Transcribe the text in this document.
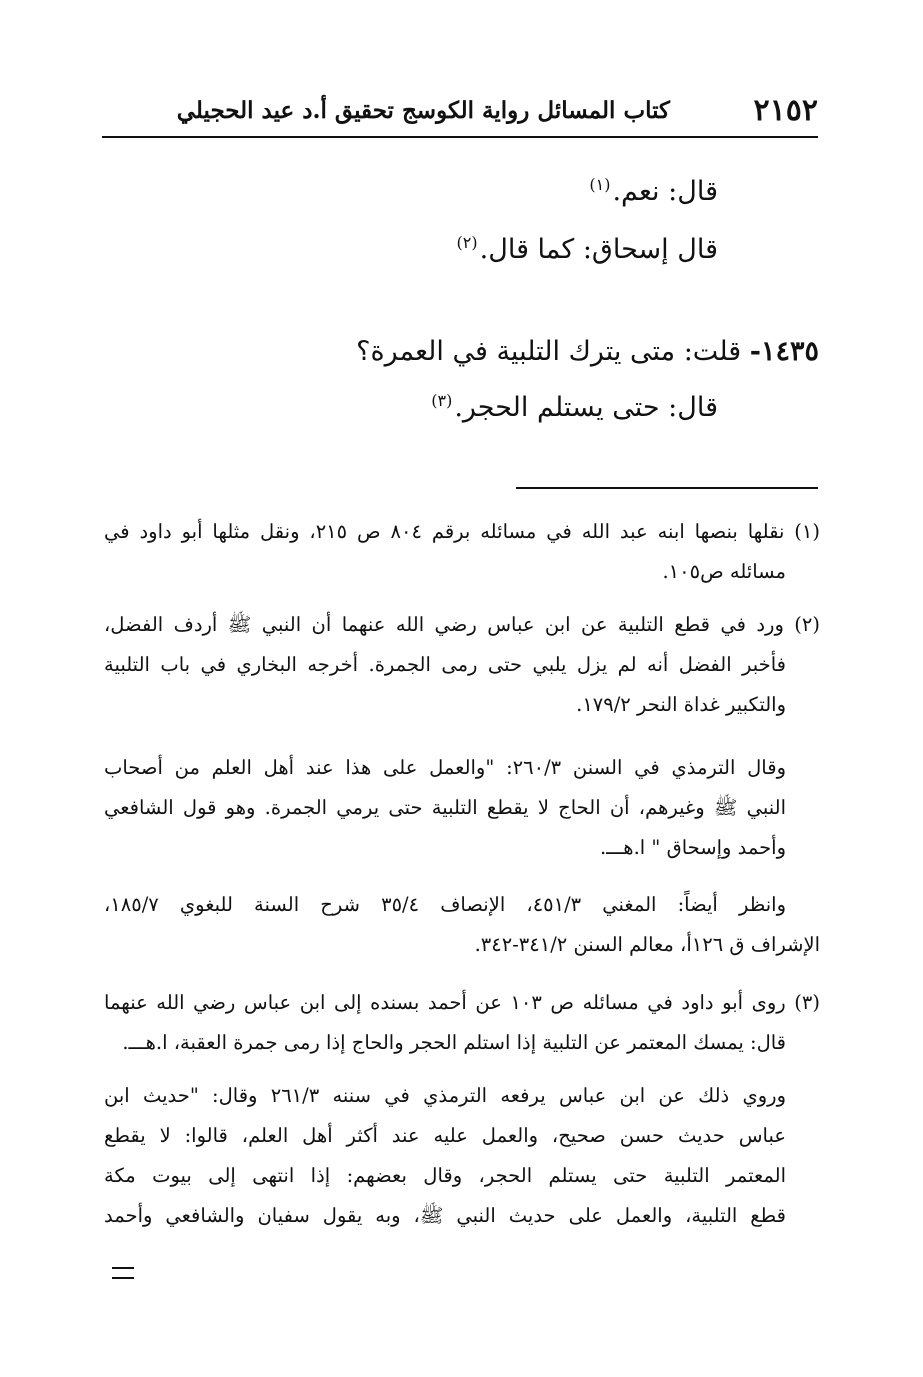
٢١٥٢
كتاب المسائل رواية الكوسج تحقيق أ.د عيد الحجيلي
قال: نعم.$^{(١)}$
قال إسحاق: كما قال.$^{(٢)}$
١٤٣٥- قلت: متى يترك التلبية في العمرة؟
قال: حتى يستلم الحجر.$^{(٣)}$
(١) نقلها بنصها ابنه عبد الله في مسائله برقم ٨٠٤ ص ٢١٥، ونقل مثلها أبو داود في
مسائله ص١٠٥.
(٢) ورد في قطع التلبية عن ابن عباس رضي الله عنهما أن النبي ﷺ أردف الفضل،
فأخبر الفضل أنه لم يزل يلبي حتى رمى الجمرة. أخرجه البخاري في باب التلبية
والتكبير غداة النحر ١٧٩/٢.
وقال الترمذي في السنن ٢٦٠/٣: "والعمل على هذا عند أهل العلم من أصحاب
النبي ﷺ وغيرهم، أن الحاج لا يقطع التلبية حتى يرمي الجمرة. وهو قول الشافعي
وأحمد وإسحاق " ا.هـــ.
وانظر أيضاً: المغني ٤٥١/٣، الإنصاف ٣٥/٤ شرح السنة للبغوي ١٨٥/٧،
الإشراف ق ١٢٦أ، معالم السنن ٣٤١/٢-٣٤٢.
(٣) روى أبو داود في مسائله ص ١٠٣ عن أحمد بسنده إلى ابن عباس رضي الله عنهما
قال: يمسك المعتمر عن التلبية إذا استلم الحجر والحاج إذا رمى جمرة العقبة، ا.هـــ.
وروي ذلك عن ابن عباس يرفعه الترمذي في سننه ٢٦١/٣ وقال: "حديث ابن
عباس حديث حسن صحيح، والعمل عليه عند أكثر أهل العلم، قالوا: لا يقطع
المعتمر التلبية حتى يستلم الحجر، وقال بعضهم: إذا انتهى إلى بيوت مكة
قطع التلبية، والعمل على حديث النبي ﷺ، وبه يقول سفيان والشافعي وأحمد
